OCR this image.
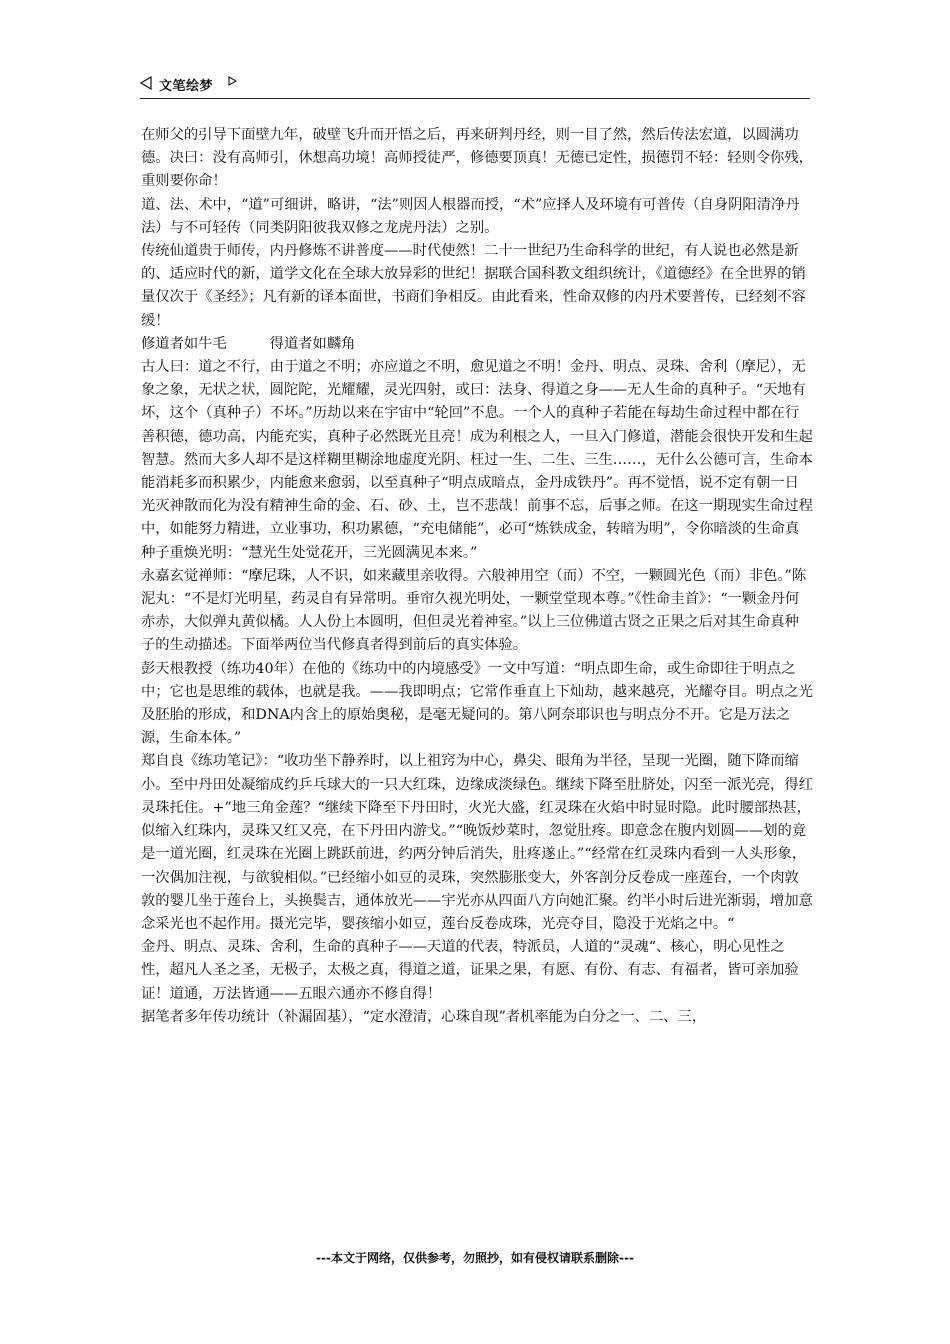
文笔绘梦

在师父的引导下面壁九年，破壁飞升而开悟之后，再来研判丹经，则一目了然，然后传法宏道，以圆满功德。决曰：没有高师引，休想高功境！高师授徒严，修德要顶真！无德已定性，损德罚不轻：轻则令你残，重则要你命！

道、法、术中，“道”可细讲，略讲，“法”则因人根器而授，“术”应择人及环境有可普传（自身阴阳清净丹法）与不可轻传（同类阴阳彼我双修之龙虎丹法）之别。

传统仙道贵于师传，内丹修炼不讲普度——时代使然！二十一世纪乃生命科学的世纪，有人说也必然是新的、适应时代的新，道学文化在全球大放异彩的世纪！据联合国科教文组织统计，《道德经》在全世界的销量仅次于《圣经》；凡有新的译本面世，书商们争相反。由此看来，性命双修的内丹术要普传，已经刻不容缓！

修道者如牛毛　　　得道者如麟角

古人曰：道之不行，由于道之不明；亦应道之不明，愈见道之不明！金丹、明点、灵珠、舍利（摩尼），无象之象，无状之状，圆陀陀，光耀耀，灵光四射，或曰：法身、得道之身——无人生命的真种子。“天地有坏，这个（真种子）不坏。”历劫以来在宇宙中“轮回”不息。一个人的真种子若能在每劫生命过程中都在行善积德，德功高，内能充实，真种子必然既光且亮！成为利根之人，一旦入门修道，潜能会很快开发和生起智慧。然而大多人却不是这样糊里糊涂地虚度光阴、枉过一生、二生、三生……，无什么公德可言，生命本能消耗多而积累少，内能愈来愈弱，以至真种子“明点成暗点，金丹成铁丹”。再不觉悟，说不定有朝一日光灭神散而化为没有精神生命的金、石、砂、土，岂不悲哉！前事不忘，后事之师。在这一期现实生命过程中，如能努力精进，立业事功，积功累德，“充电储能”，必可“炼铁成金，转暗为明”，令你暗淡的生命真种子重焕光明：“慧光生处觉花开，三光圆满见本来。”

永嘉玄觉禅师：“摩尼珠，人不识，如来藏里亲收得。六般神用空（而）不空，一颗圆光色（而）非色。”陈泥丸：“不是灯光明星，药灵自有异常明。垂帘久视光明处，一颗堂堂现本尊。”《性命圭首》：“一颗金丹何赤赤，大似弹丸黄似橘。人人份上本圆明，但但灵光着神室。”以上三位佛道古贤之正果之后对其生命真种子的生动描述。下面举两位当代修真者得到前后的真实体验。

彭天根教授（练功40年）在他的《练功中的内境感受》一文中写道：“明点即生命，或生命即往于明点之中；它也是思维的载体，也就是我。——我即明点；它常作垂直上下灿劫，越来越亮，光耀夺目。明点之光及胚胎的形成，和DNA内含上的原始奥秘，是毫无疑问的。第八阿奈耶识也与明点分不开。它是万法之源，生命本体。”

郑自良《练功笔记》：“收功坐下静养时，以上祖窍为中心，鼻尖、眼角为半径，呈现一光圈，随下降而缩小。至中丹田处凝缩成约乒乓球大的一只大红珠，边缘成淡绿色。继续下降至肚脐处，闪至一派光亮，得红灵珠托住。+”地三角金莲？“继续下降至下丹田时，火光大盛，红灵珠在火焰中时显时隐。此时腰部热甚，似缩入红珠内，灵珠又红又亮，在下丹田内游戈。”“晚饭炒菜时，忽觉肚疼。即意念在腹内划圆——划的竟是一道光圈，红灵珠在光圈上跳跃前进，约两分钟后消失，肚疼遂止。”“经常在红灵珠内看到一人头形象，一次偶加注视，与欲貌相似。”已经缩小如豆的灵珠，突然膨胀变大，外客剖分反卷成一座莲台，一个肉敦敦的婴儿坐于莲台上，头换鬓吉，通体放光——宇光亦从四面八方向她汇聚。约半小时后进光渐弱，增加意念采光也不起作用。摄光完毕，婴孩缩小如豆，莲台反卷成珠，光亮夺目，隐没于光焰之中。“

金丹、明点、灵珠、舍利，生命的真种子——天道的代表，特派员，人道的“灵魂“、核心，明心见性之性，超凡人圣之圣，无极子，太极之真，得道之道，证果之果，有愿、有份、有志、有福者，皆可亲加验证！道通，万法皆通——五眼六通亦不修自得！

据笔者多年传功统计（补漏固基），“定水澄清，心珠自现”者机率能为白分之一、二、三，

---本文于网络，仅供参考，勿照抄，如有侵权请联系删除---
